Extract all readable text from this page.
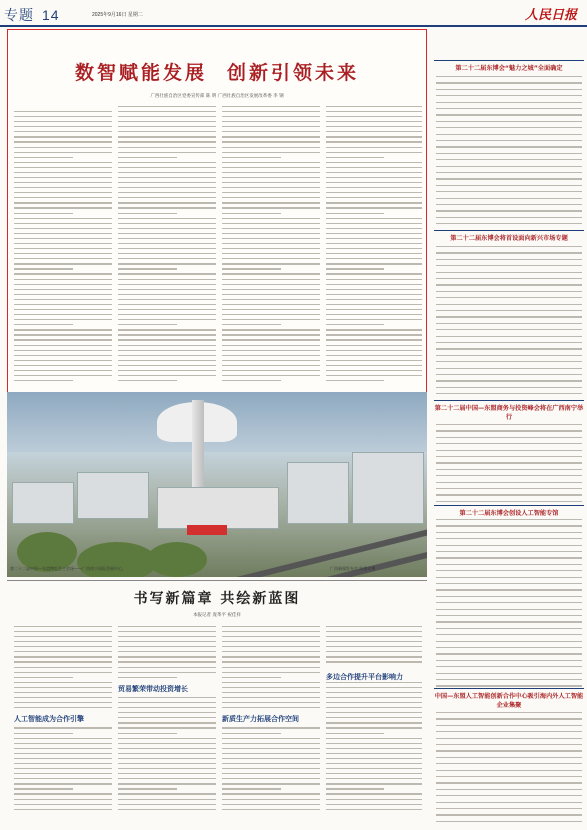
专题 14	2025年9月16日 星期二	人民日报
数智赋能发展 创新引领未来
广西壮族自治区党委宣传部 陈 明 广西壮族自治区发展改革委 李 钢
第二十二届中国—东盟博览会主会场——广西南宁国际会展中心。	广西新闻发布会 陈德宾摄
书写新篇章 共绘新蓝图
本报记者 庞革平 祝佳祥
人工智能成为合作引擎
贸易繁荣带动投资增长
新质生产力拓展合作空间
多边合作提升平台影响力
第二十二届东博会“魅力之城”全面确定
第二十二届东博会将首设面向新兴市场专题
第二十二届中国—东盟商务与投资峰会将在广西南宁举行
第二十二届东博会创设人工智能专馆
中国—东盟人工智能创新合作中心吸引海内外人工智能企业集聚
